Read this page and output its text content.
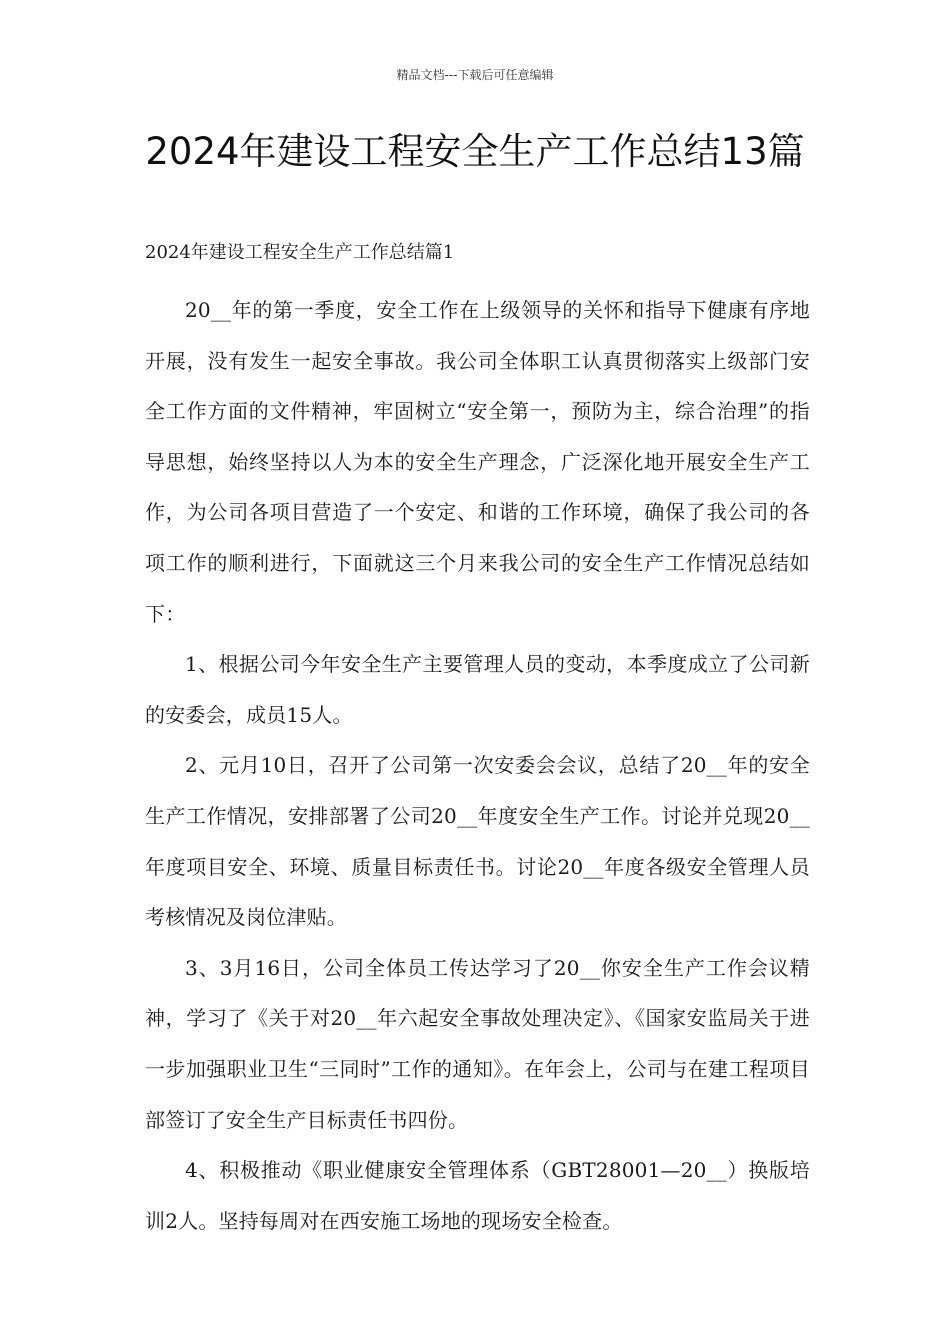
精品文档---下载后可任意编辑
2024年建设工程安全生产工作总结13篇
2024年建设工程安全生产工作总结篇1

20__年的第一季度，安全工作在上级领导的关怀和指导下健康有序地开展，没有发生一起安全事故。我公司全体职工认真贯彻落实上级部门安全工作方面的文件精神，牢固树立“安全第一，预防为主，综合治理”的指导思想，始终坚持以人为本的安全生产理念，广泛深化地开展安全生产工作，为公司各项目营造了一个安定、和谐的工作环境，确保了我公司的各项工作的顺利进行，下面就这三个月来我公司的安全生产工作情况总结如下：

1、根据公司今年安全生产主要管理人员的变动，本季度成立了公司新的安委会，成员15人。

2、元月10日，召开了公司第一次安委会会议，总结了20__年的安全生产工作情况，安排部署了公司20__年度安全生产工作。讨论并兑现20__年度项目安全、环境、质量目标责任书。讨论20__年度各级安全管理人员考核情况及岗位津贴。

3、3月16日，公司全体员工传达学习了20__你安全生产工作会议精神，学习了《关于对20__年六起安全事故处理决定》、《国家安监局关于进一步加强职业卫生“三同时”工作的通知》。在年会上，公司与在建工程项目部签订了安全生产目标责任书四份。

4、积极推动《职业健康安全管理体系（GBT28001—20__）换版培训2人。坚持每周对在西安施工场地的现场安全检查。
